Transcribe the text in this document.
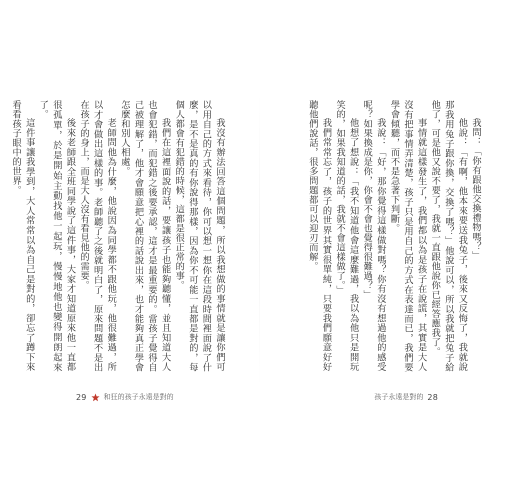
我沒有辦法回答這個問題，所以我想做的事情就是讓你們可以用自己的方式來看待，你可以想一想你在這段時間裡面說了什麼，是不是真的有你說得那樣，因為你不可能一直都是對的，每個人都會有犯錯的時候，這都是很正常的事。

我們在這裡面說的話，要讓孩子也能夠聽懂，並且知道大人也會犯錯，而犯錯之後要承認，這才是最重要的。當孩子覺得自己被理解了，他才會願意把心裡的話說出來，也才能夠真正學會怎麼和別人相處。

老師問他為什麼，他說因為同學都不跟他玩，他很難過，所以才會做出這樣的事。老師聽了之後就明白了，原來問題不是出在孩子的身上，而是大人沒有看見他的需要。

後來老師跟全班同學說了這件事，大家才知道原來他一直都很孤單，於是開始主動找他一起玩，慢慢地他也變得開朗起來了。

這件事讓我學到，大人常常以為自己是對的，卻忘了蹲下來看看孩子眼中的世界。

29 和狂的孩子永遠是對的

我問：「你有跟他交換禮物嗎？」

他說：「有啊，他本來要送我兔子，後來又反悔了，我就說那我用兔子跟你換，交換了嗎？」他說可以，所以我就把兔子給他了，可是他又說不要了，我就一直跟他說你已經答應我了。

事情就這樣發生了，我們都以為是孩子在說謊，其實是大人沒有把事情弄清楚，孩子只是用自己的方式在表達而已，我們要學會傾聽，而不是急著下判斷。

我說：「好，那你覺得這樣做對嗎？你有沒有想過他的感受呢？如果換成是你，你會不會也覺得很難過？」

他想了想說：「我不知道他會這麼難過，我以為他只是開玩笑的，如果我知道的話，我就不會這樣做了。」

我們常常忘了，孩子的世界其實很單純，只要我們願意好好聽他們說話，很多問題都可以迎刃而解。

孩子永遠是對的 28
